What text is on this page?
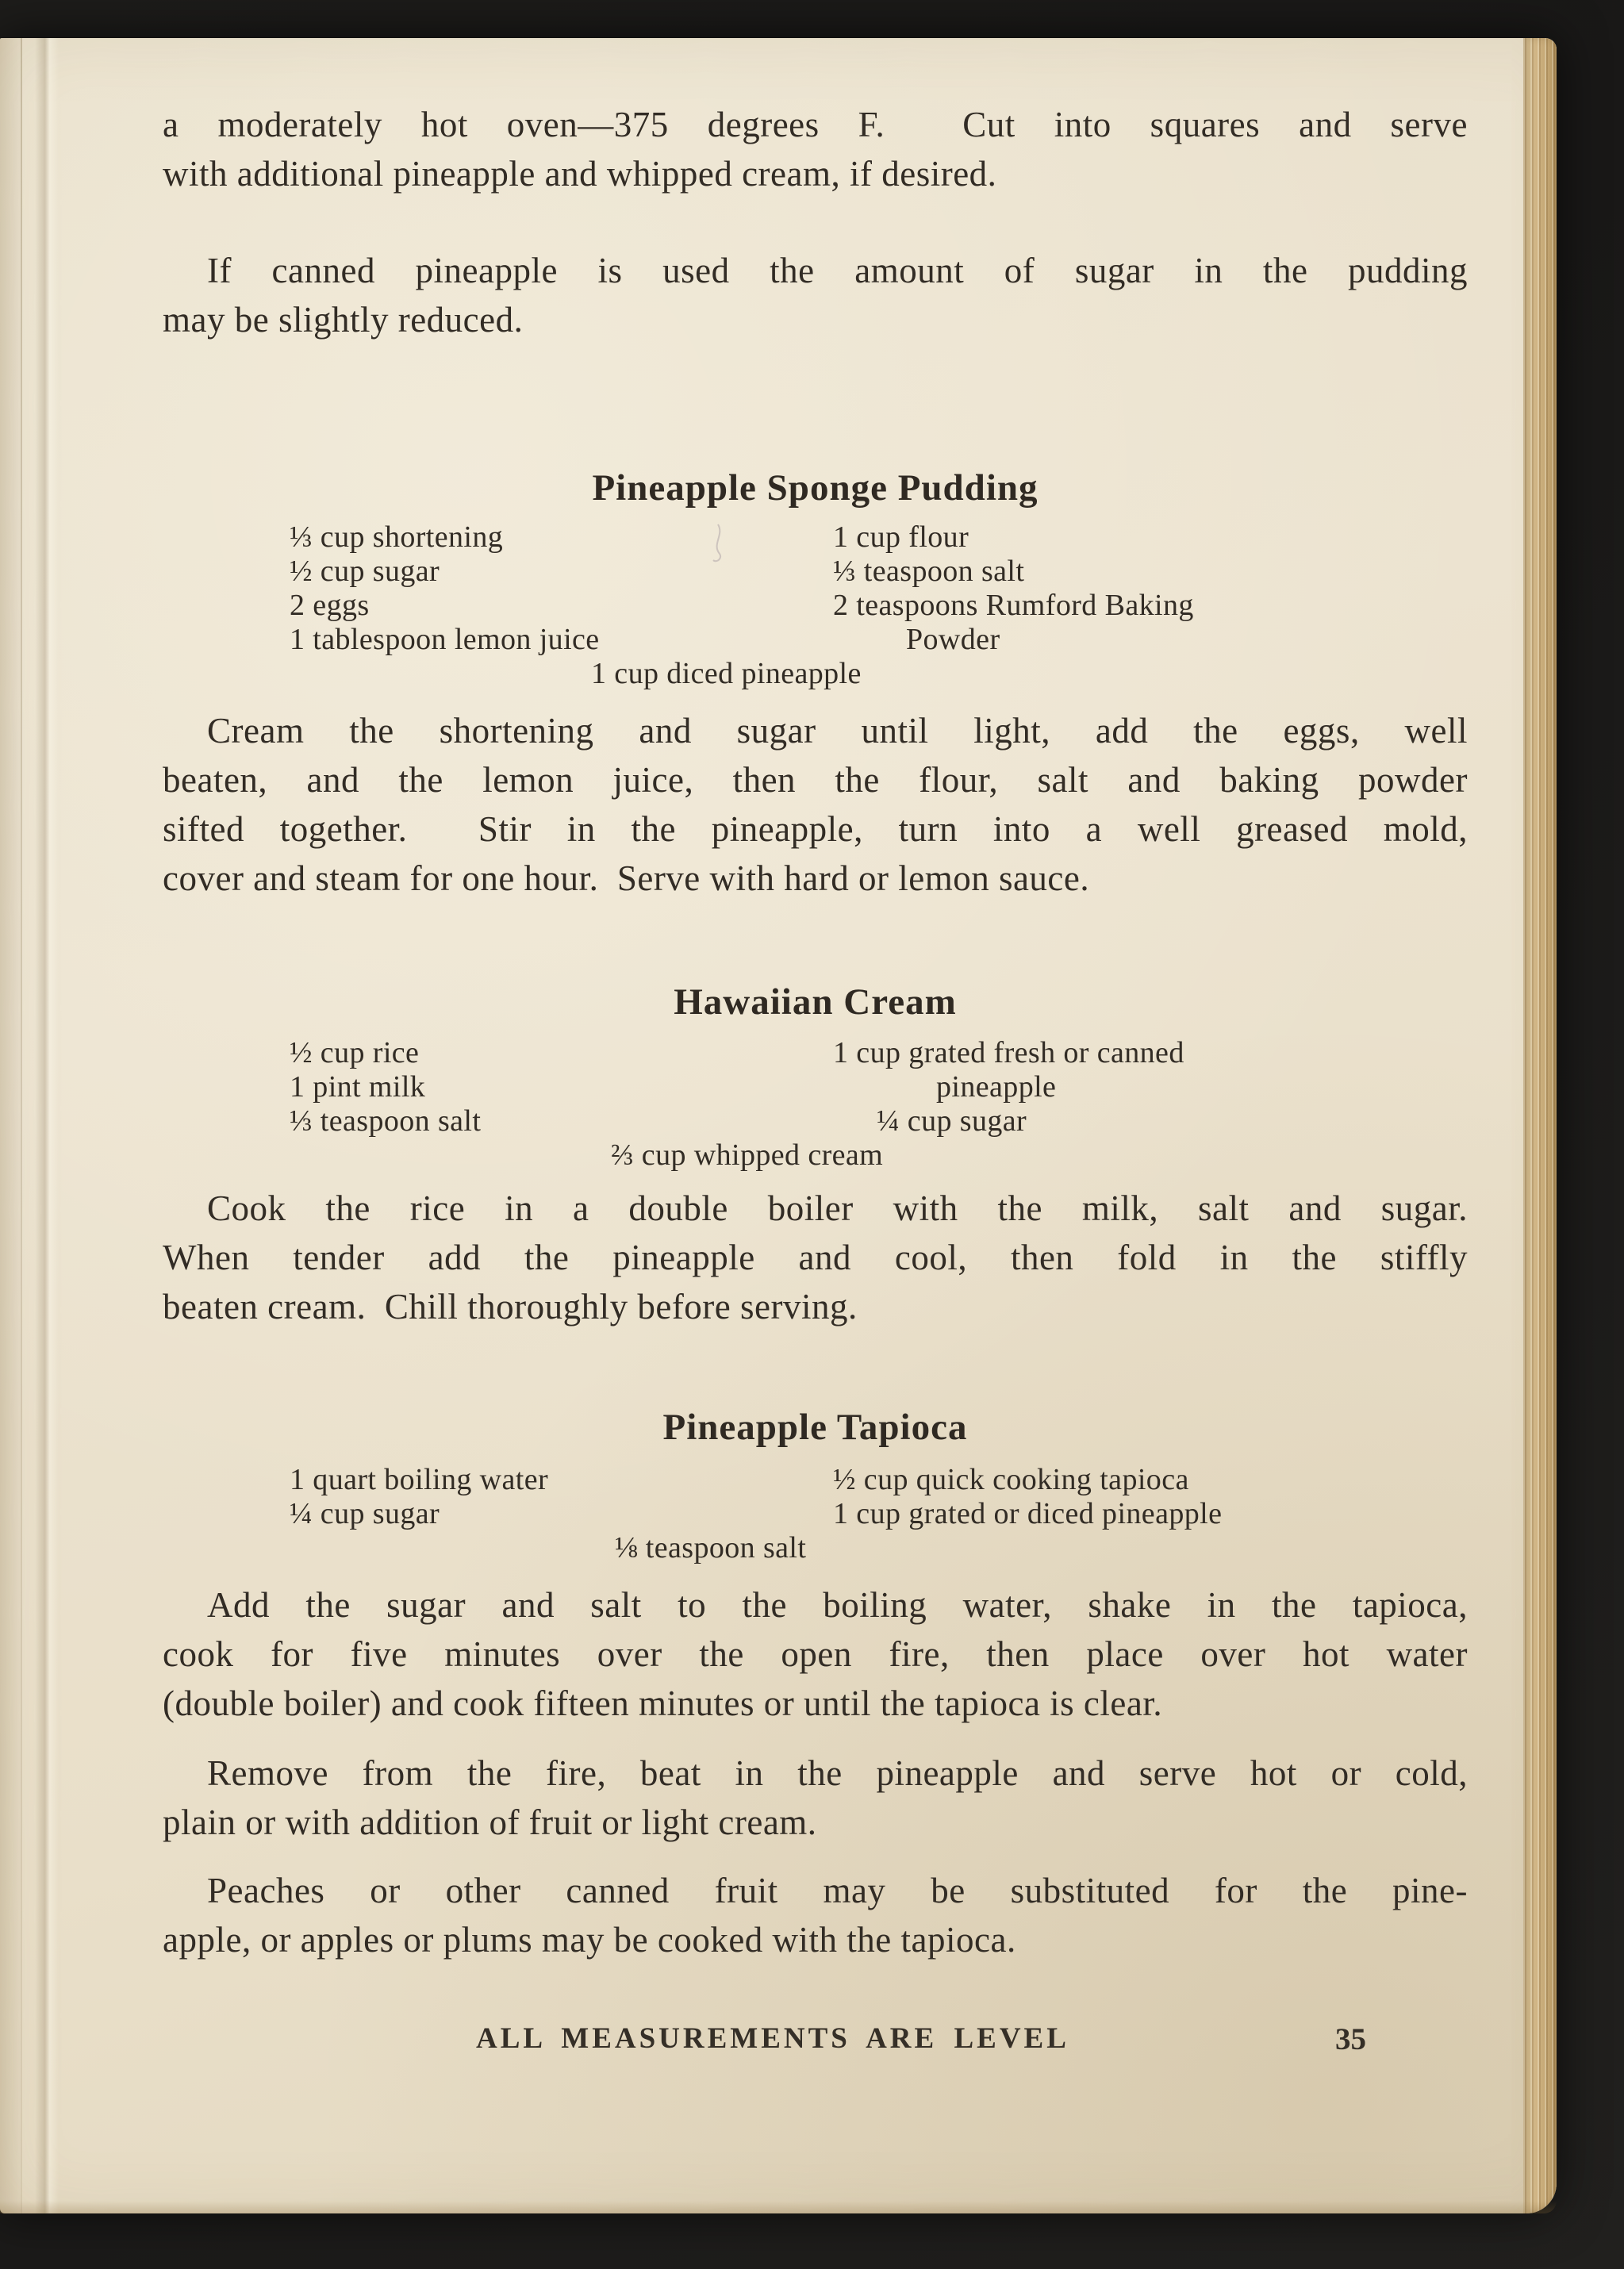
a moderately hot oven—375 degrees F.  Cut into squares and serve
with additional pineapple and whipped cream, if desired.
If canned pineapple is used the amount of sugar in the pudding
may be slightly reduced.
Pineapple Sponge Pudding
⅓ cup shortening	1 cup flour
½ cup sugar	⅓ teaspoon salt
2 eggs	2 teaspoons Rumford Baking
1 tablespoon lemon juice	Powder
1 cup diced pineapple
Cream the shortening and sugar until light, add the eggs, well
beaten, and the lemon juice, then the flour, salt and baking powder
sifted together.  Stir in the pineapple, turn into a well greased mold,
cover and steam for one hour.  Serve with hard or lemon sauce.
Hawaiian Cream
½ cup rice	1 cup grated fresh or canned
1 pint milk	pineapple
⅓ teaspoon salt	¼ cup sugar
⅔ cup whipped cream
Cook the rice in a double boiler with the milk, salt and sugar.
When tender add the pineapple and cool, then fold in the stiffly
beaten cream.  Chill thoroughly before serving.
Pineapple Tapioca
1 quart boiling water	½ cup quick cooking tapioca
¼ cup sugar	1 cup grated or diced pineapple
⅛ teaspoon salt
Add the sugar and salt to the boiling water, shake in the tapioca,
cook for five minutes over the open fire, then place over hot water
(double boiler) and cook fifteen minutes or until the tapioca is clear.
Remove from the fire, beat in the pineapple and serve hot or cold,
plain or with addition of fruit or light cream.
Peaches or other canned fruit may be substituted for the pine-
apple, or apples or plums may be cooked with the tapioca.
ALL MEASUREMENTS ARE LEVEL	35
